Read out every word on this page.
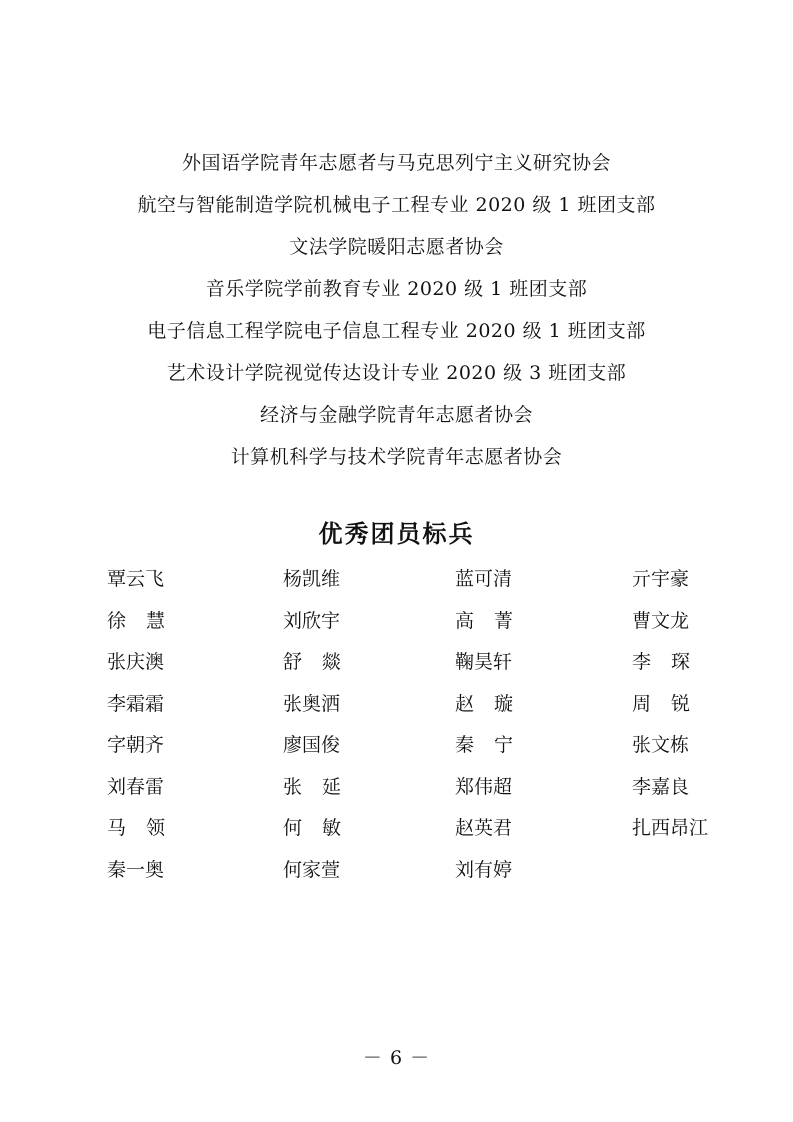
外国语学院青年志愿者与马克思列宁主义研究协会
航空与智能制造学院机械电子工程专业 2020 级 1 班团支部
文法学院暖阳志愿者协会
音乐学院学前教育专业 2020 级 1 班团支部
电子信息工程学院电子信息工程专业 2020 级 1 班团支部
艺术设计学院视觉传达设计专业 2020 级 3 班团支部
经济与金融学院青年志愿者协会
计算机科学与技术学院青年志愿者协会
优秀团员标兵
覃云飞	杨凯维	蓝可清	亓宇豪
徐 慧	刘欣宇	高 菁	曹文龙
张庆澳	舒 燚	鞠昊轩	李 琛
李霜霜	张奥洒	赵 璇	周 锐
字朝齐	廖国俊	秦 宁	张文栋
刘春雷	张 延	郑伟超	李嘉良
马 领	何 敏	赵英君	扎西昂江
秦一奥	何家萱	刘有婷
－ 6 －
